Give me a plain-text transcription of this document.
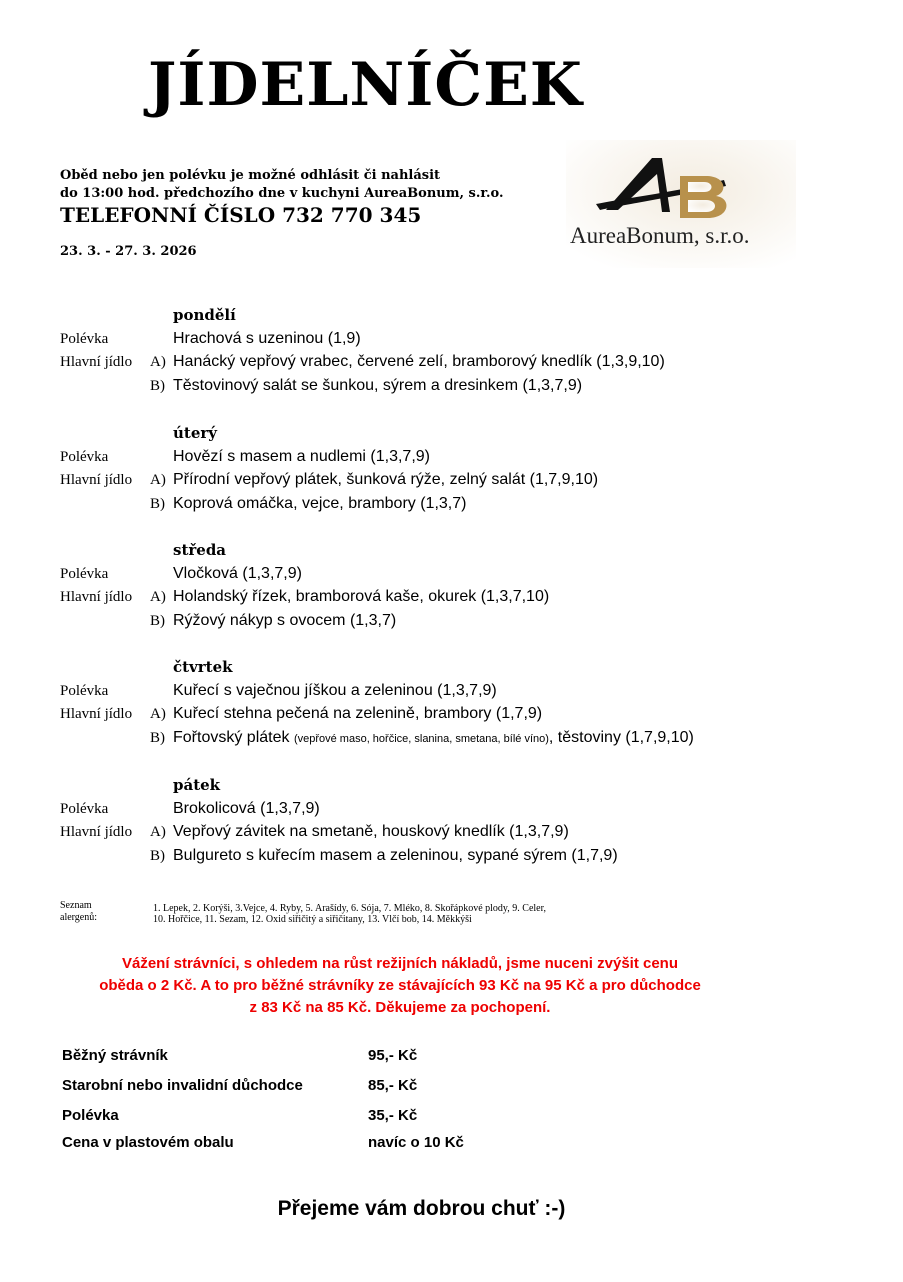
JÍDELNÍČEK
Oběd nebo jen polévku je možné odhlásit či nahlásit
do 13:00 hod. předchozího dne v kuchyni AureaBonum, s.r.o.
TELEFONNÍ ČÍSLO 732 770 345
23. 3. - 27. 3. 2026
AureaBonum, s.r.o.
pondělí
Polévka	Hrachová s uzeninou (1,9)
Hlavní jídlo A) Hanácký vepřový vrabec, červené zelí, bramborový knedlík (1,3,9,10)
B) Těstovinový salát se šunkou, sýrem a dresinkem (1,3,7,9)
úterý
Polévka	Hovězí s masem a nudlemi (1,3,7,9)
Hlavní jídlo A) Přírodní vepřový plátek, šunková rýže, zelný salát (1,7,9,10)
B) Koprová omáčka, vejce, brambory (1,3,7)
středa
Polévka	Vločková (1,3,7,9)
Hlavní jídlo A) Holandský řízek, bramborová kaše, okurek (1,3,7,10)
B) Rýžový nákyp s ovocem (1,3,7)
čtvrtek
Polévka	Kuřecí s vaječnou jíškou a zeleninou (1,3,7,9)
Hlavní jídlo A) Kuřecí stehna pečená na zelenině, brambory (1,7,9)
B) Fořtovský plátek (vepřové maso, hořčice, slanina, smetana, bílé víno), těstoviny (1,7,9,10)
pátek
Polévka	Brokolicová (1,3,7,9)
Hlavní jídlo A) Vepřový závitek na smetaně, houskový knedlík (1,3,7,9)
B) Bulgureto s kuřecím masem a zeleninou, sypané sýrem (1,7,9)
Seznam
alergenů:
1. Lepek, 2. Korýši, 3.Vejce, 4. Ryby, 5. Arašídy, 6. Sója, 7. Mléko, 8. Skořápkové plody, 9. Celer,
10. Hořčice, 11. Sezam, 12. Oxid siřičitý a siřičitany, 13. Vlčí bob, 14. Měkkýši
Vážení strávníci, s ohledem na růst režijních nákladů, jsme nuceni zvýšit cenu
oběda o 2 Kč. A to pro běžné strávníky ze stávajících 93 Kč na 95 Kč a pro důchodce
z 83 Kč na 85 Kč. Děkujeme za pochopení.
Běžný strávník	95,- Kč
Starobní nebo invalidní důchodce	85,- Kč
Polévka	35,- Kč
Cena v plastovém obalu	navíc o 10 Kč
Přejeme vám dobrou chuť :-)
